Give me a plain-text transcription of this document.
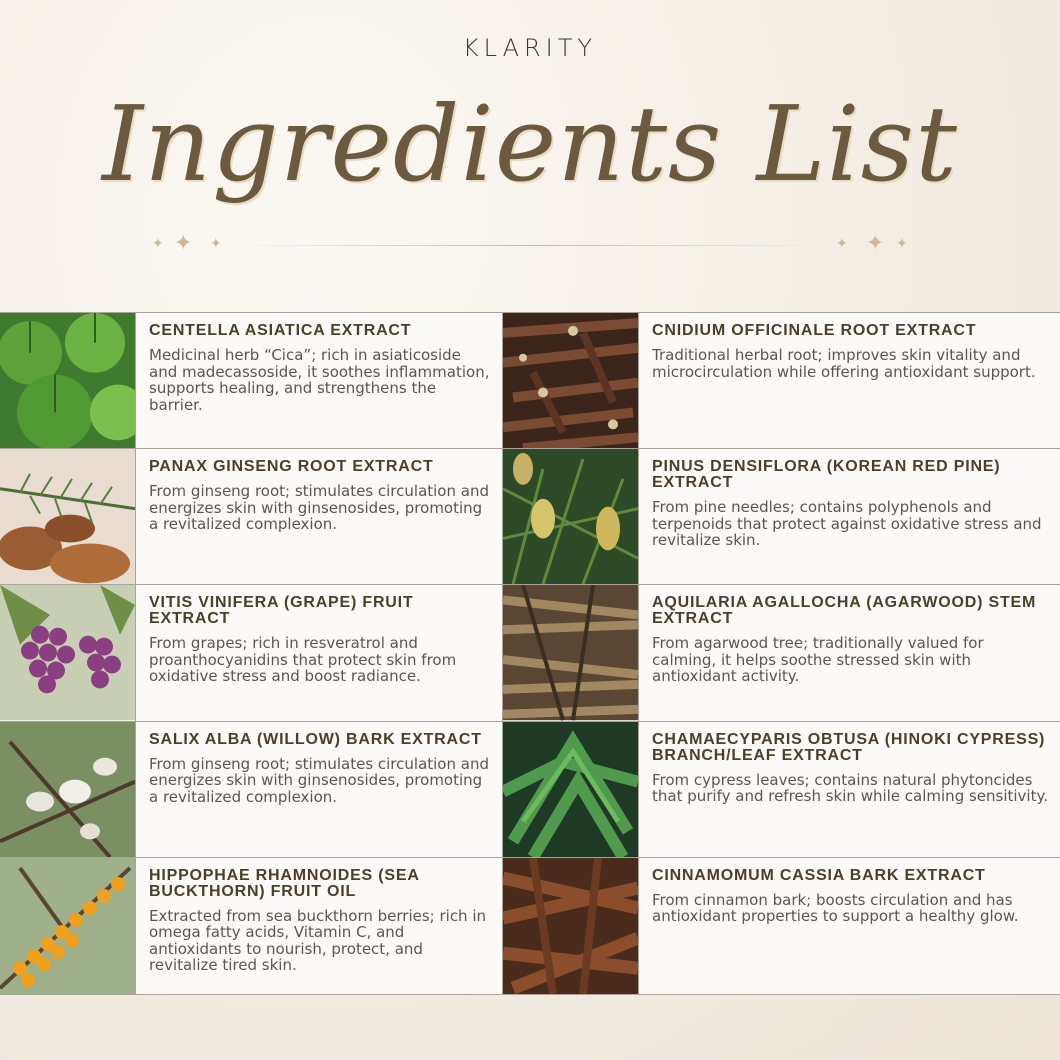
KLARITY
Ingredients List
✦ ✦ ✦	✦ ✦ ✦

CENTELLA ASIATICA EXTRACT

Medicinal herb “Cica”; rich in asiaticoside and madecassoside, it soothes inflammation, supports healing, and strengthens the barrier.

CNIDIUM OFFICINALE ROOT EXTRACT

Traditional herbal root; improves skin vitality and microcirculation while offering antioxidant support.

PANAX GINSENG ROOT EXTRACT

From ginseng root; stimulates circulation and energizes skin with ginsenosides, promoting a revitalized complexion.

PINUS DENSIFLORA (KOREAN RED PINE) EXTRACT

From pine needles; contains polyphenols and terpenoids that protect against oxidative stress and revitalize skin.

VITIS VINIFERA (GRAPE) FRUIT EXTRACT

From grapes; rich in resveratrol and proanthocyanidins that protect skin from oxidative stress and boost radiance.

AQUILARIA AGALLOCHA (AGARWOOD) STEM EXTRACT

From agarwood tree; traditionally valued for calming, it helps soothe stressed skin with antioxidant activity.

SALIX ALBA (WILLOW) BARK EXTRACT

From ginseng root; stimulates circulation and energizes skin with ginsenosides, promoting a revitalized complexion.

CHAMAECYPARIS OBTUSA (HINOKI CYPRESS) BRANCH/LEAF EXTRACT

From cypress leaves; contains natural phytoncides that purify and refresh skin while calming sensitivity.

HIPPOPHAE RHAMNOIDES (SEA BUCKTHORN) FRUIT OIL

Extracted from sea buckthorn berries; rich in omega fatty acids, Vitamin C, and antioxidants to nourish, protect, and revitalize tired skin.

CINNAMOMUM CASSIA BARK EXTRACT

From cinnamon bark; boosts circulation and has antioxidant properties to support a healthy glow.
